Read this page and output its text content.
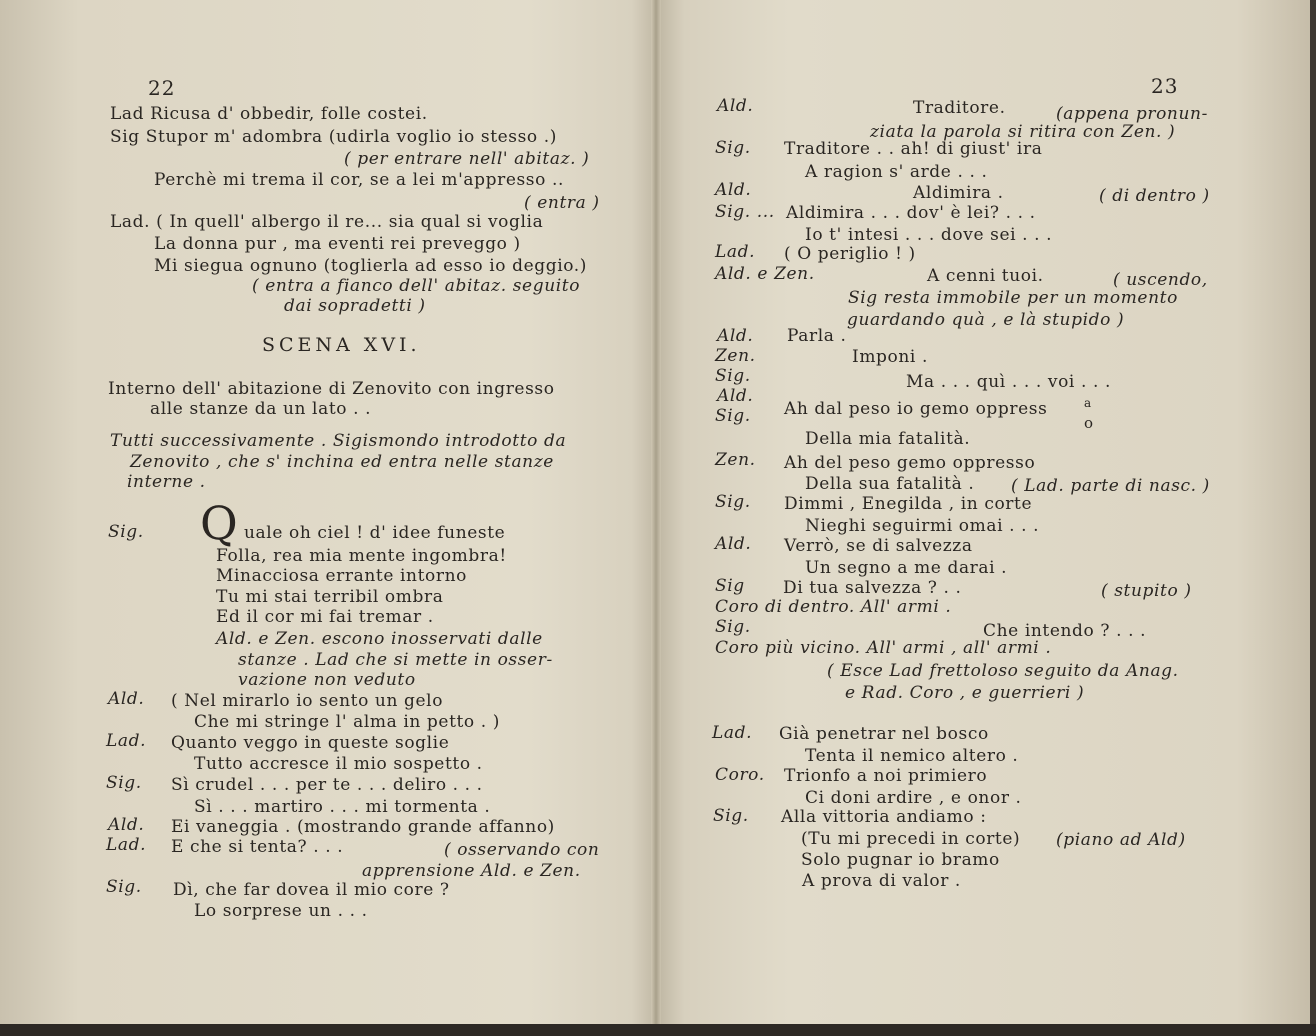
22
Lad Ricusa d' obbedir, folle costei.
Sig Stupor m' adombra (udirla voglio io stesso .)
( per entrare nell' abitaz. )
Perchè mi trema il cor, se a lei m'appresso ..
( entra )
Lad. ( In quell' albergo il re... sia qual si voglia
La donna pur , ma eventi rei preveggo )
Mi siegua ognuno (toglierla ad esso io deggio.)
( entra a fianco dell' abitaz. seguito
dai sopradetti )
SCENA XVI.
Interno dell' abitazione di Zenovito con ingresso
alle stanze da un lato . .
Tutti successivamente . Sigismondo introdotto da
Zenovito , che s' inchina ed entra nelle stanze
interne .
Sig. Q uale oh ciel ! d' idee funeste
Folla, rea mia mente ingombra!
Minacciosa errante intorno
Tu mi stai terribil ombra
Ed il cor mi fai tremar .
Ald. e Zen. escono inosservati dalle
stanze . Lad che si mette in osser-
vazione non veduto
Ald. ( Nel mirarlo io sento un gelo
Che mi stringe l' alma in petto . )
Lad. Quanto veggo in queste soglie
Tutto accresce il mio sospetto .
Sig. Sì crudel . . . per te . . . deliro . . .
Sì . . . martiro . . . mi tormenta .
Ald. Ei vaneggia . (mostrando grande affanno)
Lad. E che si tenta? . . .	( osservando con
apprensione Ald. e Zen.
Sig. Dì, che far dovea il mio core ?
Lo sorprese un . . .
23
Ald.	Traditore.	(appena pronun-
ziata la parola si ritira con Zen. )
Sig. Traditore . . ah! di giust' ira
A ragion s' arde . . .
Ald.	Aldimira .	( di dentro )
Sig. ... Aldimira . . . dov' è lei? . . .
Io t' intesi . . . dove sei . . .
Lad. ( O periglio ! )
Ald. e Zen.	A cenni tuoi.	( uscendo,
Sig resta immobile per un momento
guardando quà , e là stupido )
Ald. Parla .
Zen.	Imponi .
Sig.	Ma . . . quì . . . voi . . .
Ald.
Sig. Ah dal peso io gemo oppress	a
o
Della mia fatalità.
Zen. Ah del peso gemo oppresso
Della sua fatalità . ( Lad. parte di nasc. )
Sig. Dimmi , Enegilda , in corte
Nieghi seguirmi omai . . .
Ald. Verrò, se di salvezza
Un segno a me darai .
Sig Di tua salvezza ? . .	( stupito )
Coro di dentro. All' armi .
Sig.	Che intendo ? . . .
Coro più vicino. All' armi , all' armi .
( Esce Lad frettoloso seguito da Anag.
e Rad. Coro , e guerrieri )
Lad. Già penetrar nel bosco
Tenta il nemico altero .
Coro. Trionfo a noi primiero
Ci doni ardire , e onor .
Sig. Alla vittoria andiamo :
(Tu mi precedi in corte) (piano ad Ald)
Solo pugnar io bramo
A prova di valor .
